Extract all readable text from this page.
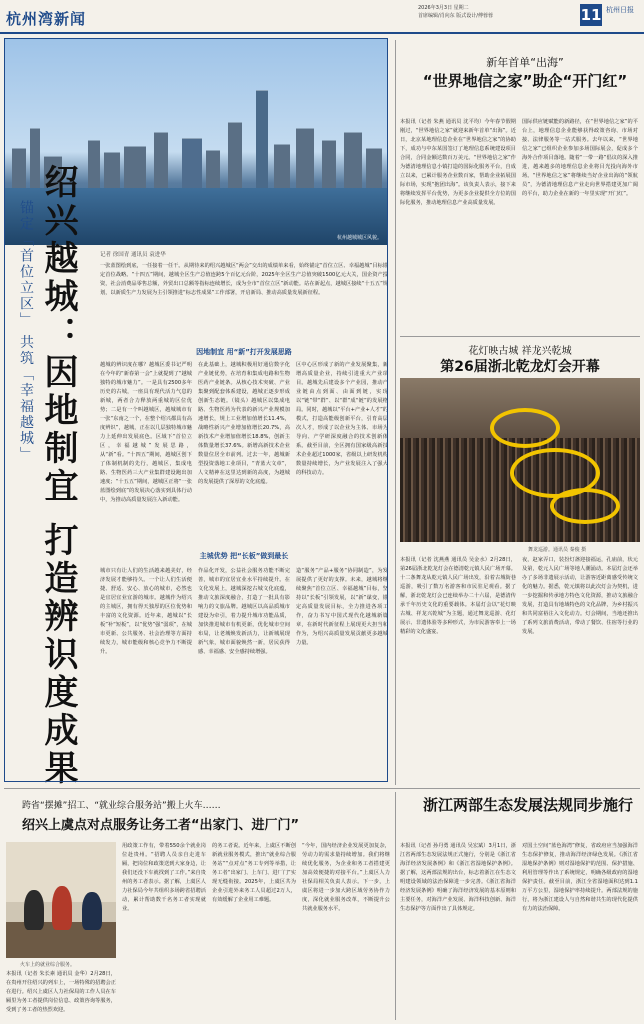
杭州湾新闻
2026年3月3日 星期二
首席编辑/肖向东 版式设计/傅蓉蓉	11 杭州日报
杭州越城城区风貌。
锚定「首位立区」 共筑「幸福越城」 绍兴越城：因地制宜 打造辨识度成果	记者 徐国青 通讯员 袁进华
一张蓝图绘到底，一任接着一任干。从期待来的绍兴越城区“两会”交出的成绩单来看，始终锚定“首位立区、幸福越城”目标锚定首位战略。“十四五”期间，越城全区生产总值连跨5个百亿元台阶，2025年全区生产总值突破1500亿元大关，国企资产投资，社会消费品零售总额，外贸出口总额等指标连续增长，成为全市“首位立区”新动能。站在新起点，越城区接续“十五五”规划，以新质生产力发展为主引领推进“标志性成果”工作部署，开启新局、推动高质量发展新征程。
因地制宜 用“新”打开发展思路
越城的辨识度在哪？越城区委书记严明在今年的“新春第一会”上就提到了“越城独特的城市魅力”。一是具有2500多年历史的古城，一座具有现代活力气息的新城，两者合力释放两重城的区位优势；二是有一个叫越城区，越城城市有一张“东南之一个，在整个绍兴都具有高度辨识”，越城，正在以几层独特城市魅力上延伸出发展底色。区域下“首位立区，幸福越城”发展思路，从“新”看。“十四五”期间，越城区创下了体制机制的先行，越城区，集成电路、生物医药三大产业集群建设跑出加速度；“十五五”期间，越城区正将“一张蓝图绘到底”的发展决心落实到具体行动中，为推动高质量发展注入新动能。
在此基础上，越城积极用好通信数字化产业链优势，在培育和集成电路和生物医药产业链条。从核心技术突破、产业集聚到配套体系建设，越城正逐步形成创新生态链。（镜头）越城区以集成电路、生物医药为代表的新兴产业规模加速增长，规上工业增加值增长11.4%，战略性新兴产业增加值增长20.7%，高新技术产业增加值增长18.8%，创新主体数量增长37.6%。新增高新技术企业数量位居全市前列。过去一年，越城新型投资落地工业项目，“青蓝大文章”，人文精神在这里达到新的高度，为越城的发展提供了深厚的文化底蕴。
区中心区形成了新的产业发展聚集，新增高质量企业，持续引进重大产业项目。越城先后建设多个产业园，推动产业链由点到面、由面到链，实现以“链”带“群”、以“群”成“链”的发展格局。同时，越城以“平台+产业+人才”的模式，打造高能级创新平台，引育高层次人才，形成了以企业为主体、市场为导向、产学研深度融合的技术创新体系。截至目前，全区拥有国家级高新技术企业超过1000家，省级以上研发机构数量持续增长，为产业发展注入了强大的科技动力。
主城优势 把“长板”做到最长
城市只有让人们的生活越来越美好，经济发展才能够持久。一个让人们生活便捷、舒适、安心、放心的城市，必然也是宜居宜业宜游的城市。越城作为绍兴的主城区，拥有得天独厚的区位优势和丰富的文化资源。近年来，越城以“长板”补“短板”，以“优势”强“弱项”，在城市更新、公共服务、社会治理等方面持续发力，城市能级和核心竞争力不断提升。
作品化开发，公益社会服务功能不断完善，城市的宜居宜业水平持续提升。在文化发展上，越城深挖古城文化底蕴，推动文旅深度融合，打造了一批具有影响力的文旅品牌。越城区以高品质城市建设为牵引，着力提升城市功能品质，加快推进城市有机更新，优化城市空间布局，让老城焕发新活力，让新城展现新气象，城市面貌焕然一新，居民获得感、幸福感、安全感持续增强。
造“服务”产品+服务“协同制造”，为发展提供了更好的支撑。未来，越城将继续聚焦“首位立区、幸福越城”目标，坚持以“长板”引领发展，以“新”谋变，锚定高质量发展目标，全力推进各项工作，奋力书写中国式现代化越城新篇章，在新时代新征程上展现更大担当和作为，为绍兴高质量发展贡献更多越城力量。
新年首单“出海”
“世界地信之家”助企“开门红”
本报讯（记者 朱燕 通讯员 沈平均）今年春节假期刚过，“世界地信之家”就迎来新年首单“出海”。近日，北京某地理信息企业在“世界地信之家”的协助下，成功与中东某国签订了地理信息系统建设项目合同，合同金额达数百万美元。“世界地信之家”作为德清地理信息小镇打造的国际化服务平台，自成立以来，已累计服务企业数百家，帮助企业拓展国际市场，实现“抱团出海”。该负责人表示，接下来将继续发挥平台优势，为更多企业提供全方位的国际化服务，推动地理信息产业高质量发展。
国际供应链赋能的新路径，在“世界地信之家”的平台上，地理信息企业能够获得政策咨询、市场对接、法律服务等一站式服务。去年以来，“世界地信之家”已组织企业参加多场国际展会，促成多个海外合作项目落地。随着“一带一路”倡议的深入推进，越来越多的地理信息企业将目光投向海外市场。“世界地信之家”将继续当好企业出海的“领航员”，为德清地理信息产业走向世界搭建更加广阔的平台，助力企业在新的一年里实现“开门红”。
花灯映古城 祥龙兴乾城
第26届浙北乾龙灯会开幕
舞龙巡游。通讯员 秦俊 摄
本报讯（记者 沈燕燕 通讯员 吴金水）2月28日，第26届浙北乾龙灯会在德清乾元镇人民广场开幕。十二条舞龙从乾元镇人民广场出发，沿着古城街巷巡游，吸引了数万名游客和市民驻足观看。据了解，浙北乾龙灯会已连续举办二十六届，是德清传承千年历史文化的重要载体。本届灯会以“花灯映古城、祥龙兴乾城”为主题，通过舞龙巡游、花灯展示、非遗体验等多种形式，为市民游客奉上一场精彩的文化盛宴。
夜，赵家弄口，装扮灯盏迎接福运，孔庙前，状元及第，乾元人民广场等地人潮涌动。本届灯会还举办了多场非遗展示活动，让游客近距离感受传统文化的魅力。据悉，乾元镇将以此次灯会为契机，进一步挖掘和传承地方特色文化资源，推动文旅融合发展，打造具有地域特色的文化品牌，为乡村振兴和共同富裕注入文化动力。灯会期间，当地还推出了系列文旅消费活动，带动了餐饮、住宿等行业的发展。
浙江两部生态发展法规同步施行
本报讯（记者 孙丹勇 通讯员 吴宏斌）3月1日，浙江省两部生态发展法规正式施行，分别是《浙江省海洋经济发展条例》和《浙江省湿地保护条例》。据了解，这两部法规的出台，标志着浙江在生态文明建设领域的法治保障进一步完善。《浙江省海洋经济发展条例》明确了海洋经济发展的基本原则和主要任务，对海洋产业发展、海洋科技创新、海洋生态保护等方面作出了具体规定。
对国土空间“蓝色海湾”修复，省政府应当加强海洋生态保护修复，推动海洋经济绿色发展。《浙江省湿地保护条例》则对湿地保护的范围、保护措施、利用管理等作出了系统规定，明确各级政府的湿地保护责任。截至目前，浙江全省湿地面积达到1.1万平方公里，湿地保护率持续提升。两部法规的施行，将为浙江建设人与自然和谐共生的现代化提供有力的法治保障。
跨省“摆摊”招工、“就业综合服务站”搬上火车……
绍兴上虞点对点服务让务工者“出家门、进厂门”
火车上的就业综合服务。
本报讯（记者 朱长素 通讯员 金华）2月28日，在贵州开往绍兴的列车上，一场特殊的招聘会正在进行。绍兴上虞区人力社保局的工作人员在车厢里为务工者提供岗位信息、政策咨询等服务，受到了务工者的热烈欢迎。
用政策工作有，带着550余个就业岗位赴贵州。“招聘人员亲自走进车厢，把岗位和政策送到大家身边，让我们还没下车就找到了工作。”来自贵州的务工者表示。据了解，上虞区人力社保局今年共组织多场跨省招聘活动，累计帮助数千名务工者实现就业。
的务工者说。近年来，上虞区不断创新就业服务模式，推出“就业综合服务站”“点对点”务工专列等举措，让务工者“出家门、上车门、进厂门”实现无缝衔接。2025年，上虞区共为企业引进外来务工人员超过2万人，有效缓解了企业用工难题。
“今年，国内经济企业发展更加复杂，劳动力的需求量持续增加。我们将继续优化服务，为企业和务工者搭建更加高效便捷的对接平台。”上虞区人力社保局相关负责人表示。下一步，上虞区将进一步加大跨区域劳务协作力度，深化就业服务改革，不断提升公共就业服务水平。
